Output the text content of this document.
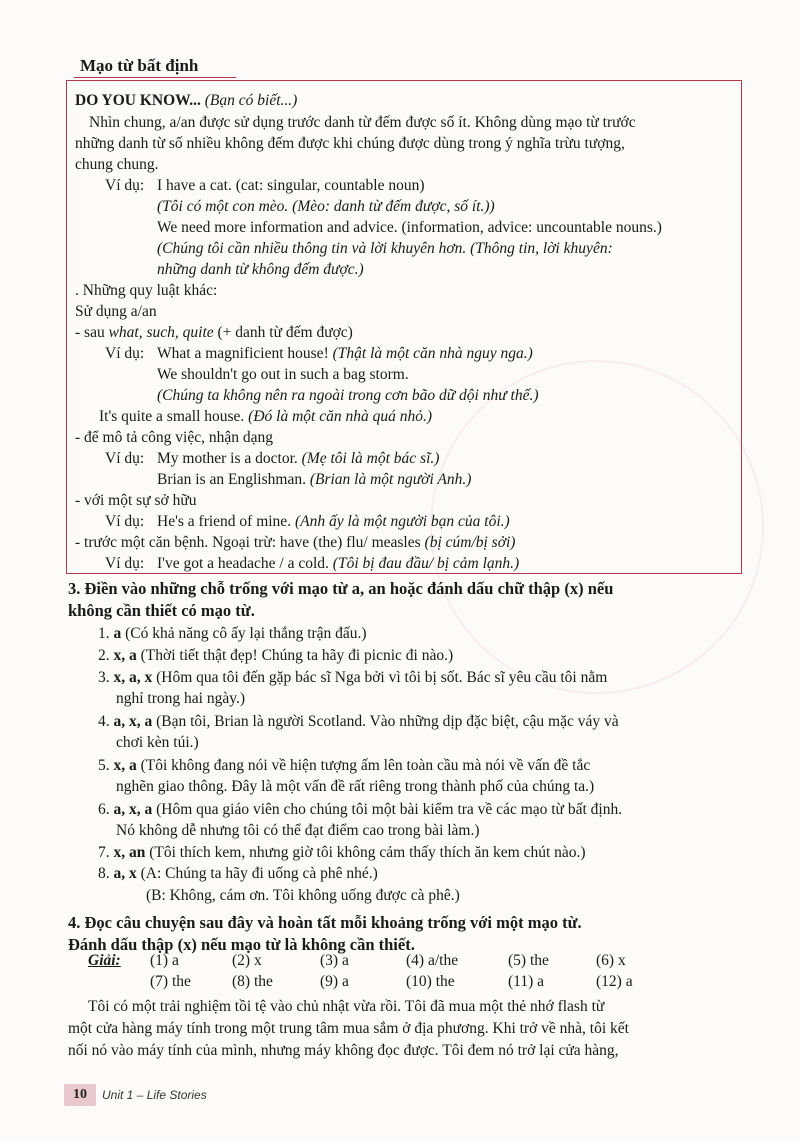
Mạo từ bất định
DO YOU KNOW... (Bạn có biết...)
Nhìn chung, a/an được sử dụng trước danh từ đếm được số ít. Không dùng mạo từ trước
những danh từ số nhiều không đếm được khi chúng được dùng trong ý nghĩa trừu tượng,
chung chung.
Ví dụ: I have a cat. (cat: singular, countable noun)
(Tôi có một con mèo. (Mèo: danh từ đếm được, số ít.))
We need more information and advice. (information, advice: uncountable nouns.)
(Chúng tôi cần nhiều thông tin và lời khuyên hơn. (Thông tin, lời khuyên:
những danh từ không đếm được.)
. Những quy luật khác:
Sử dụng a/an
- sau what, such, quite (+ danh từ đếm được)
Ví dụ: What a magnificient house! (Thật là một căn nhà nguy nga.)
We shouldn't go out in such a bag storm.
(Chúng ta không nên ra ngoài trong cơn bão dữ dội như thế.)
It's quite a small house. (Đó là một căn nhà quá nhỏ.)
- để mô tả công việc, nhận dạng
Ví dụ: My mother is a doctor. (Mẹ tôi là một bác sĩ.)
Brian is an Englishman. (Brian là một người Anh.)
- với một sự sở hữu
Ví dụ: He's a friend of mine. (Anh ấy là một người bạn của tôi.)
- trước một căn bệnh. Ngoại trừ: have (the) flu/ measles (bị cúm/bị sởi)
Ví dụ: I've got a headache / a cold. (Tôi bị đau đầu/ bị cảm lạnh.)
3. Điền vào những chỗ trống với mạo từ a, an hoặc đánh dấu chữ thập (x) nếu
không cần thiết có mạo từ.
1. a (Có khả năng cô ấy lại thắng trận đấu.)
2. x, a (Thời tiết thật đẹp! Chúng ta hãy đi picnic đi nào.)
3. x, a, x (Hôm qua tôi đến gặp bác sĩ Nga bởi vì tôi bị sốt. Bác sĩ yêu cầu tôi nằm
nghỉ trong hai ngày.)
4. a, x, a (Bạn tôi, Brian là người Scotland. Vào những dịp đặc biệt, cậu mặc váy và
chơi kèn túi.)
5. x, a (Tôi không đang nói về hiện tượng ấm lên toàn cầu mà nói về vấn đề tắc
nghẽn giao thông. Đây là một vấn đề rất riêng trong thành phố của chúng ta.)
6. a, x, a (Hôm qua giáo viên cho chúng tôi một bài kiểm tra về các mạo từ bất định.
Nó không dễ nhưng tôi có thể đạt điểm cao trong bài làm.)
7. x, an (Tôi thích kem, nhưng giờ tôi không cảm thấy thích ăn kem chút nào.)
8. a, x (A: Chúng ta hãy đi uống cà phê nhé.)
(B: Không, cám ơn. Tôi không uống được cà phê.)
4. Đọc câu chuyện sau đây và hoàn tất mỗi khoảng trống với một mạo từ.
Đánh dấu thập (x) nếu mạo từ là không cần thiết.
Giải: (1) a	(2) x	(3) a	(4) a/the	(5) the	(6) x
(7) the	(8) the	(9) a	(10) the	(11) a	(12) a
Tôi có một trải nghiệm tồi tệ vào chủ nhật vừa rồi. Tôi đã mua một thẻ nhớ flash từ
một cửa hàng máy tính trong một trung tâm mua sắm ở địa phương. Khi trở về nhà, tôi kết
nối nó vào máy tính của mình, nhưng máy không đọc được. Tôi đem nó trở lại cửa hàng,
10	Unit 1 – Life Stories
